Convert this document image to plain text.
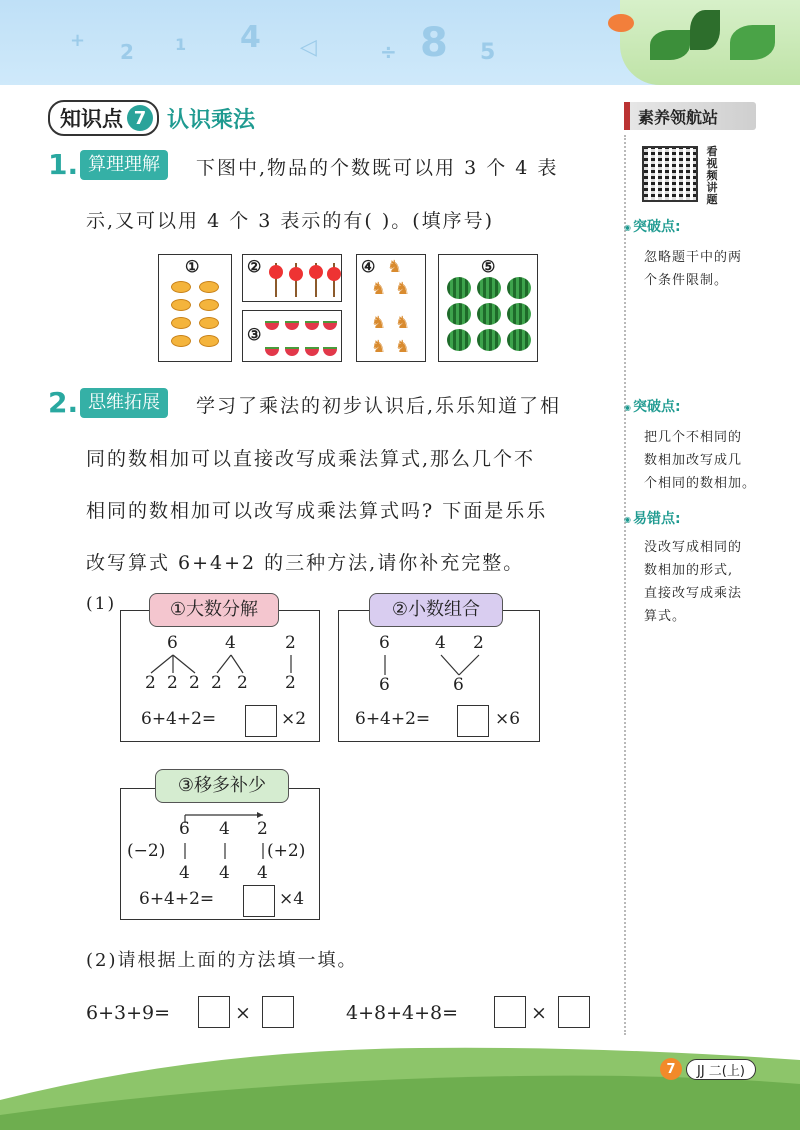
+ 2	1 4 ◁	÷ 8 5
知识点 7 认识乘法	素养领航站
看视频讲题
◉ 突破点:
忽略题干中的两
个条件限制。
◉ 突破点:
把几个不相同的
数相加改写成几
个相同的数相加。
◉ 易错点:
没改写成相同的
数相加的形式,
直接改写成乘法
算式。
1. 算理理解	下图中,物品的个数既可以用 3 个 4 表
示,又可以用 4 个 3 表示的有( )。(填序号)
①	②
③
④ ♞
♞ ♞
♞ ♞
♞ ♞
⑤
2. 思维拓展	学习了乘法的初步认识后,乐乐知道了相
同的数相加可以直接改写成乘法算式,那么几个不
相同的数相加可以改写成乘法算式吗? 下面是乐乐
改写算式 6+4+2 的三种方法,请你补充完整。
(1)	①大数分解
6	4	2
2 2 2 2 2 2
6+4+2=	×2
②小数组合
6	4 2
6	6
6+4+2=	×6
③移多补少
6 4 2
(−2)	(+2)
4 4 4
6+4+2=	×4
(2)请根据上面的方法填一填。
6+3+9=	×	4+8+4+8=	×
7	JJ 二(上)
